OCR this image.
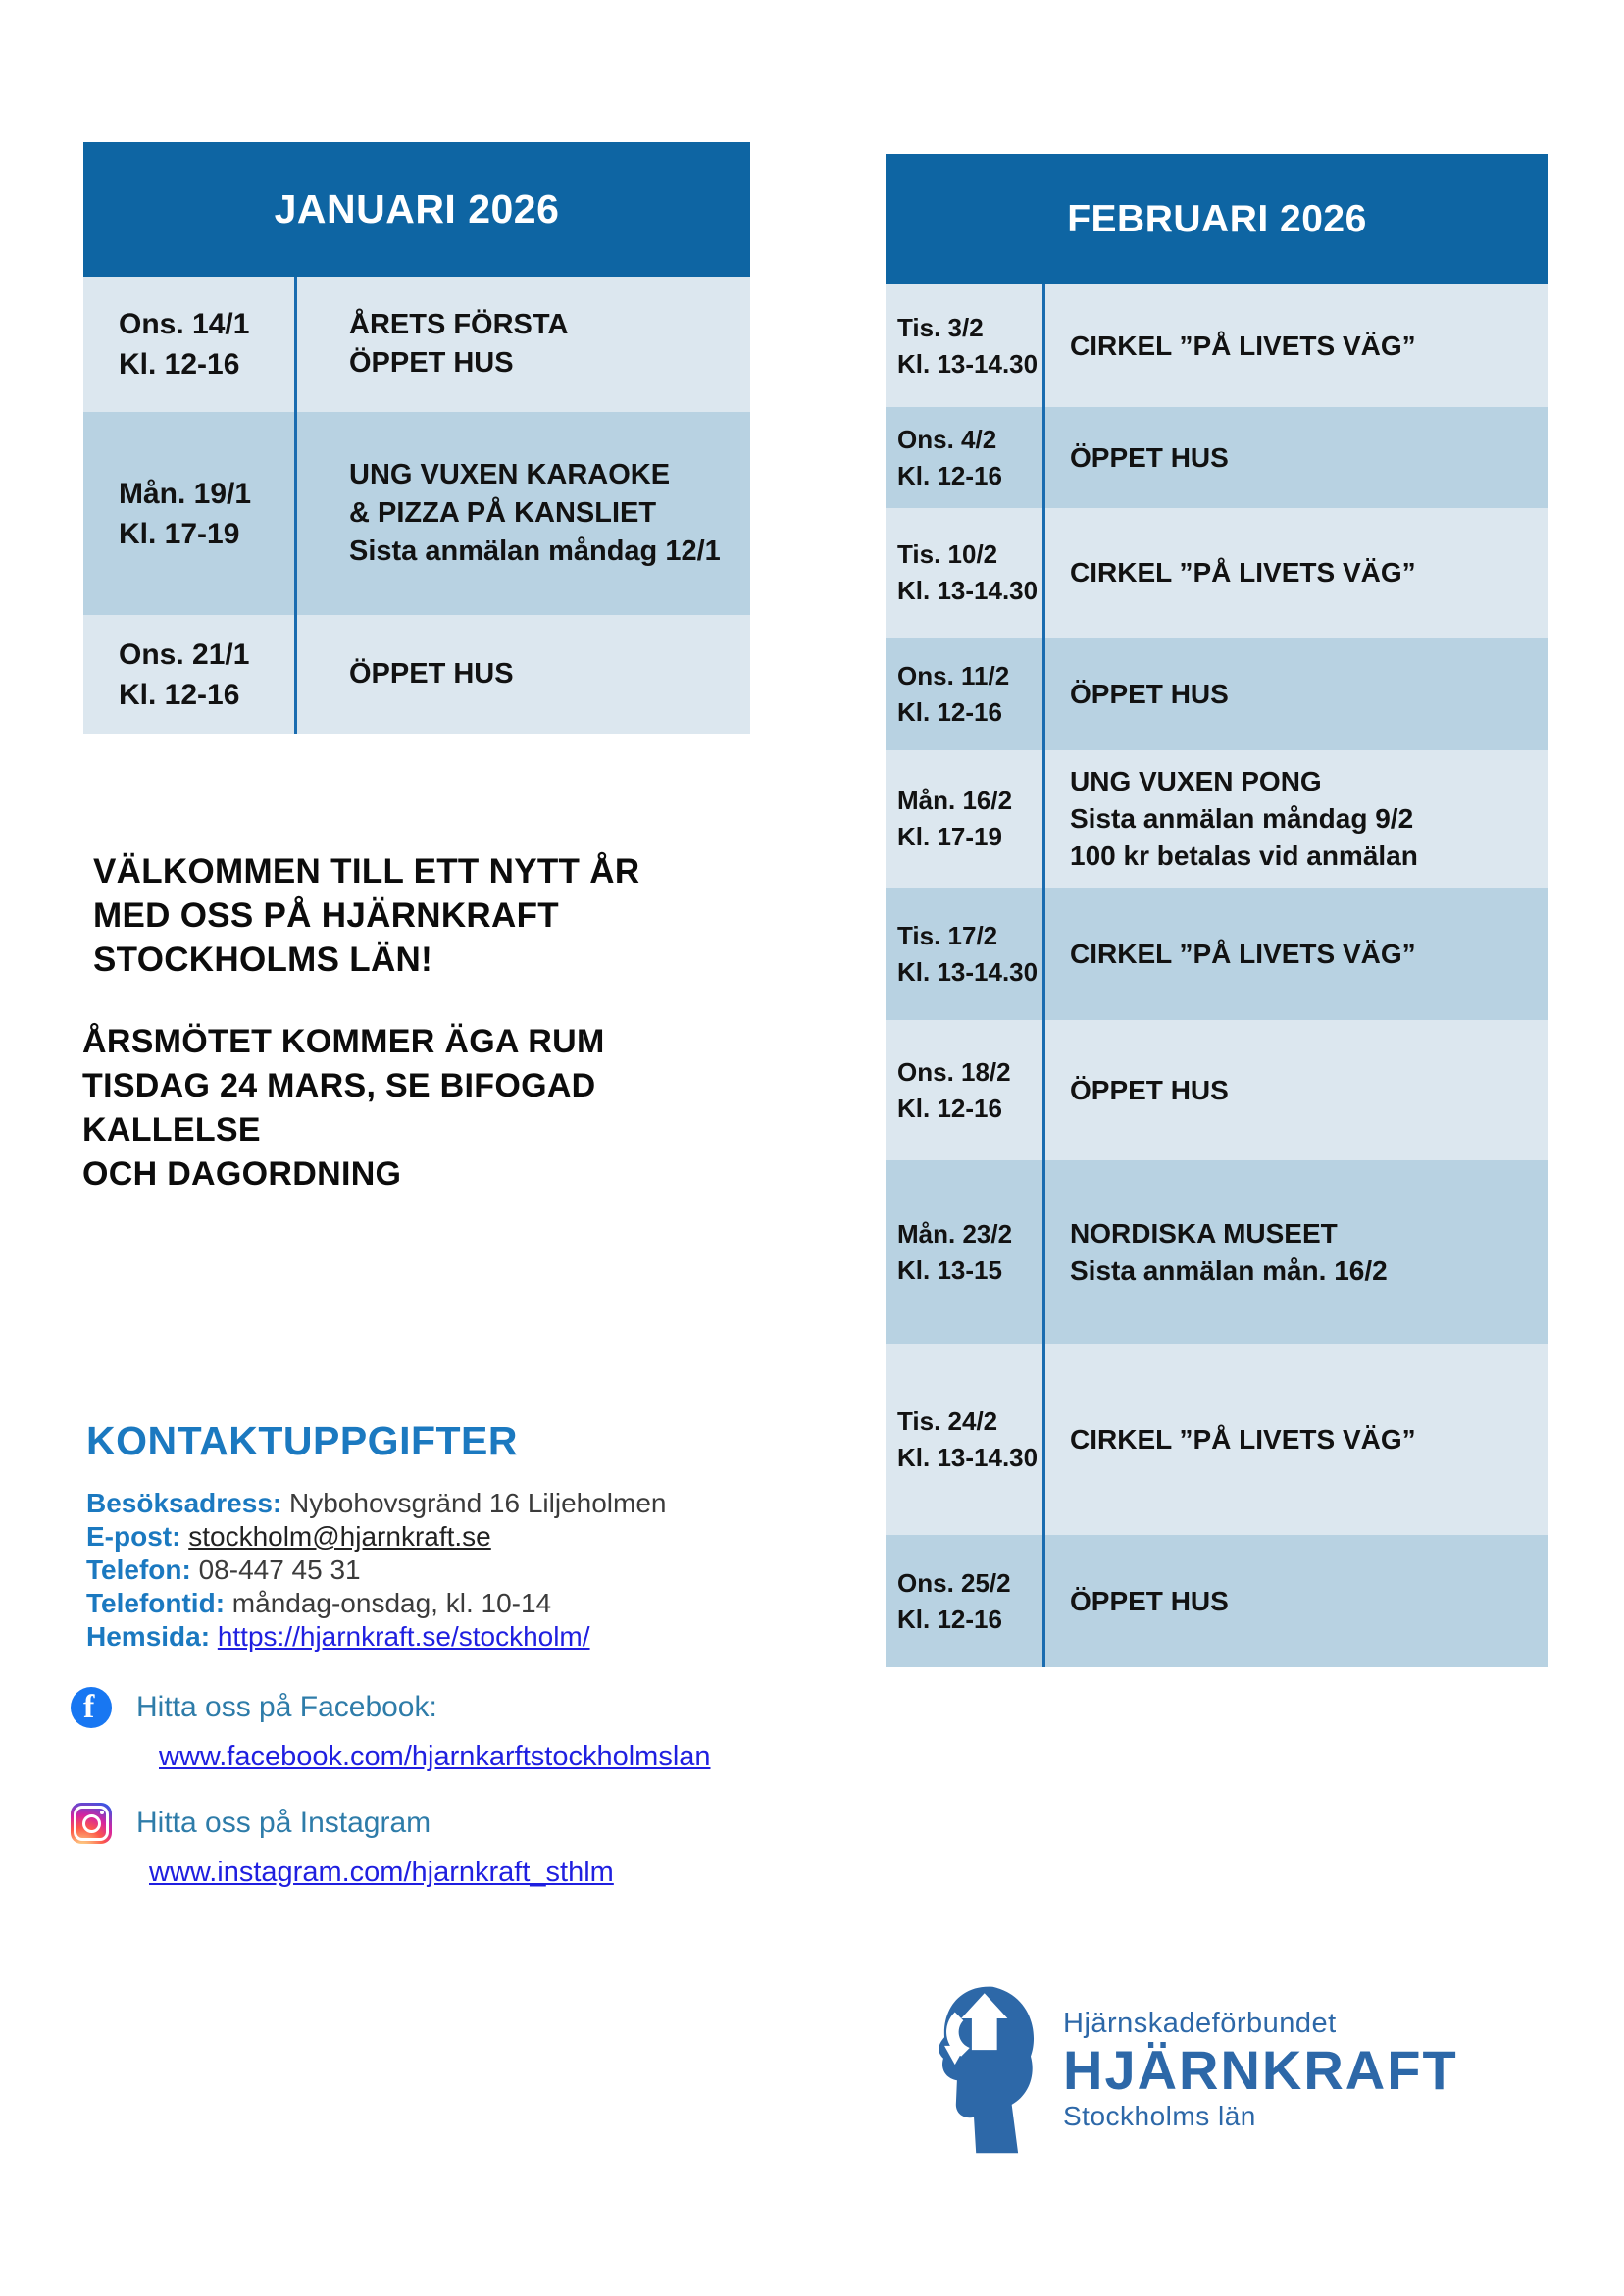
JANUARI 2026
Ons. 14/1
Kl. 12-16
ÅRETS FÖRSTA
ÖPPET HUS
Mån. 19/1
Kl. 17-19
UNG VUXEN KARAOKE
& PIZZA PÅ KANSLIET
Sista anmälan måndag 12/1
Ons. 21/1
Kl. 12-16
ÖPPET HUS
FEBRUARI 2026
Tis. 3/2
Kl. 13-14.30
CIRKEL ”PÅ LIVETS VÄG”
Ons. 4/2
Kl. 12-16
ÖPPET HUS
Tis. 10/2
Kl. 13-14.30
CIRKEL ”PÅ LIVETS VÄG”
Ons. 11/2
Kl. 12-16
ÖPPET HUS
Mån. 16/2
Kl. 17-19
UNG VUXEN PONG
Sista anmälan måndag 9/2
100 kr betalas vid anmälan
Tis. 17/2
Kl. 13-14.30
CIRKEL ”PÅ LIVETS VÄG”
Ons. 18/2
Kl. 12-16
ÖPPET HUS
Mån. 23/2
Kl. 13-15
NORDISKA MUSEET
Sista anmälan mån. 16/2
Tis. 24/2
Kl. 13-14.30
CIRKEL ”PÅ LIVETS VÄG”
Ons. 25/2
Kl. 12-16
ÖPPET HUS
VÄLKOMMEN TILL ETT NYTT ÅR
MED OSS PÅ HJÄRNKRAFT
STOCKHOLMS LÄN!
ÅRSMÖTET KOMMER ÄGA RUM
TISDAG 24 MARS, SE BIFOGAD
KALLELSE
OCH DAGORDNING
KONTAKTUPPGIFTER
Besöksadress: Nybohovsgränd 16 Liljeholmen
E-post: stockholm@hjarnkraft.se
Telefon: 08-447 45 31
Telefontid: måndag-onsdag, kl. 10-14
Hemsida: https://hjarnkraft.se/stockholm/
f
Hitta oss på Facebook:
www.facebook.com/hjarnkarftstockholmslan
Hitta oss på Instagram
www.instagram.com/hjarnkraft_sthlm
Hjärnskadeförbundet
HJÄRNKRAFT
Stockholms län
